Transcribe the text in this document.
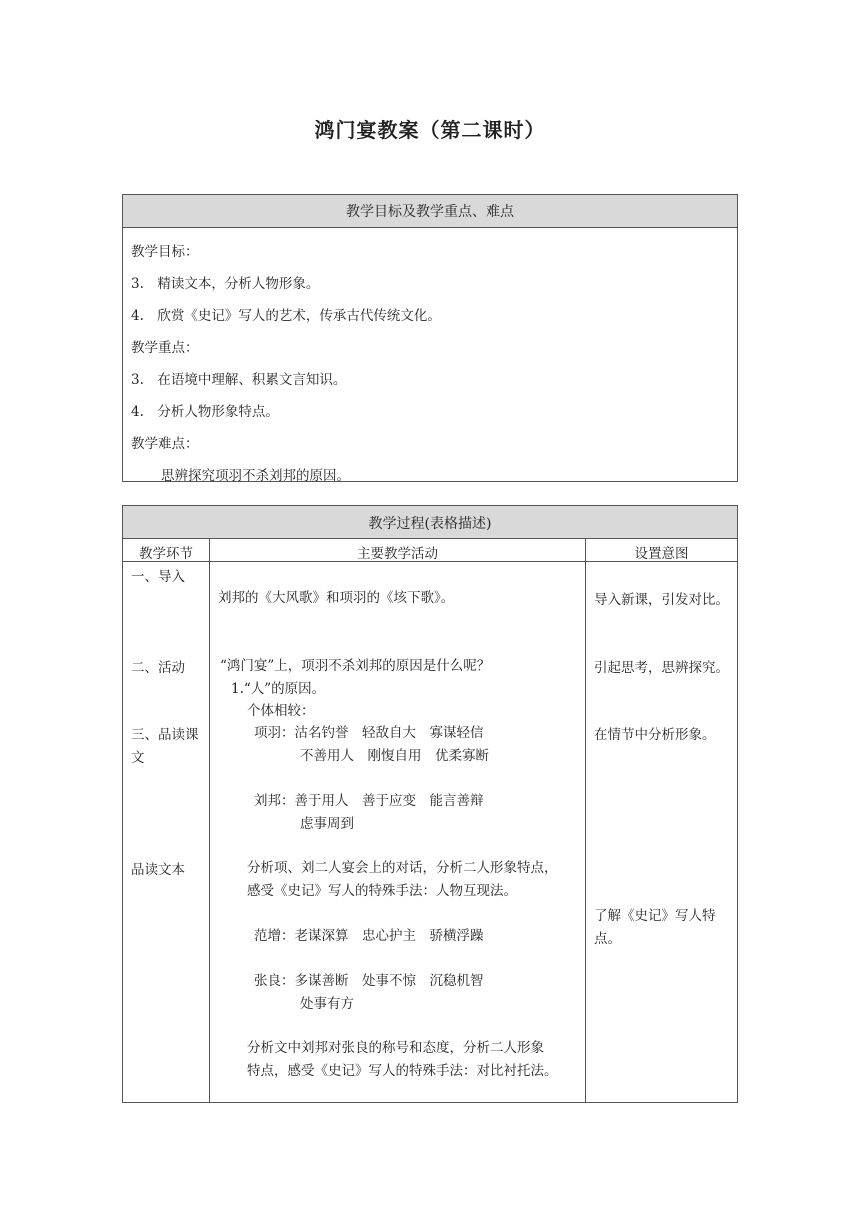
鸿门宴教案（第二课时）
教学目标及教学重点、难点
教学目标：
3.　精读文本，分析人物形象。
4.　欣赏《史记》写人的艺术，传承古代传统文化。
教学重点：
3.　在语境中理解、积累文言知识。
4.　分析人物形象特点。
教学难点：
思辨探究项羽不杀刘邦的原因。
教学过程(表格描述)
教学环节	主要教学活动	设置意图
一、导入
二、活动
三、品读课
文
品读文本
刘邦的《大风歌》和项羽的《垓下歌》。
“鸿门宴”上，项羽不杀刘邦的原因是什么呢？
1.“人”的原因。
个体相较：
项羽：沽名钓誉　轻敌自大　寡谋轻信
不善用人　刚愎自用　优柔寡断
刘邦：善于用人　善于应变　能言善辩
虑事周到
分析项、刘二人宴会上的对话，分析二人形象特点，
感受《史记》写人的特殊手法：人物互现法。
范增：老谋深算　忠心护主　骄横浮躁
张良：多谋善断　处事不惊　沉稳机智
处事有方
分析文中刘邦对张良的称号和态度，分析二人形象
特点，感受《史记》写人的特殊手法：对比衬托法。
导入新课，引发对比。
引起思考，思辨探究。
在情节中分析形象。
了解《史记》写人特
点。
